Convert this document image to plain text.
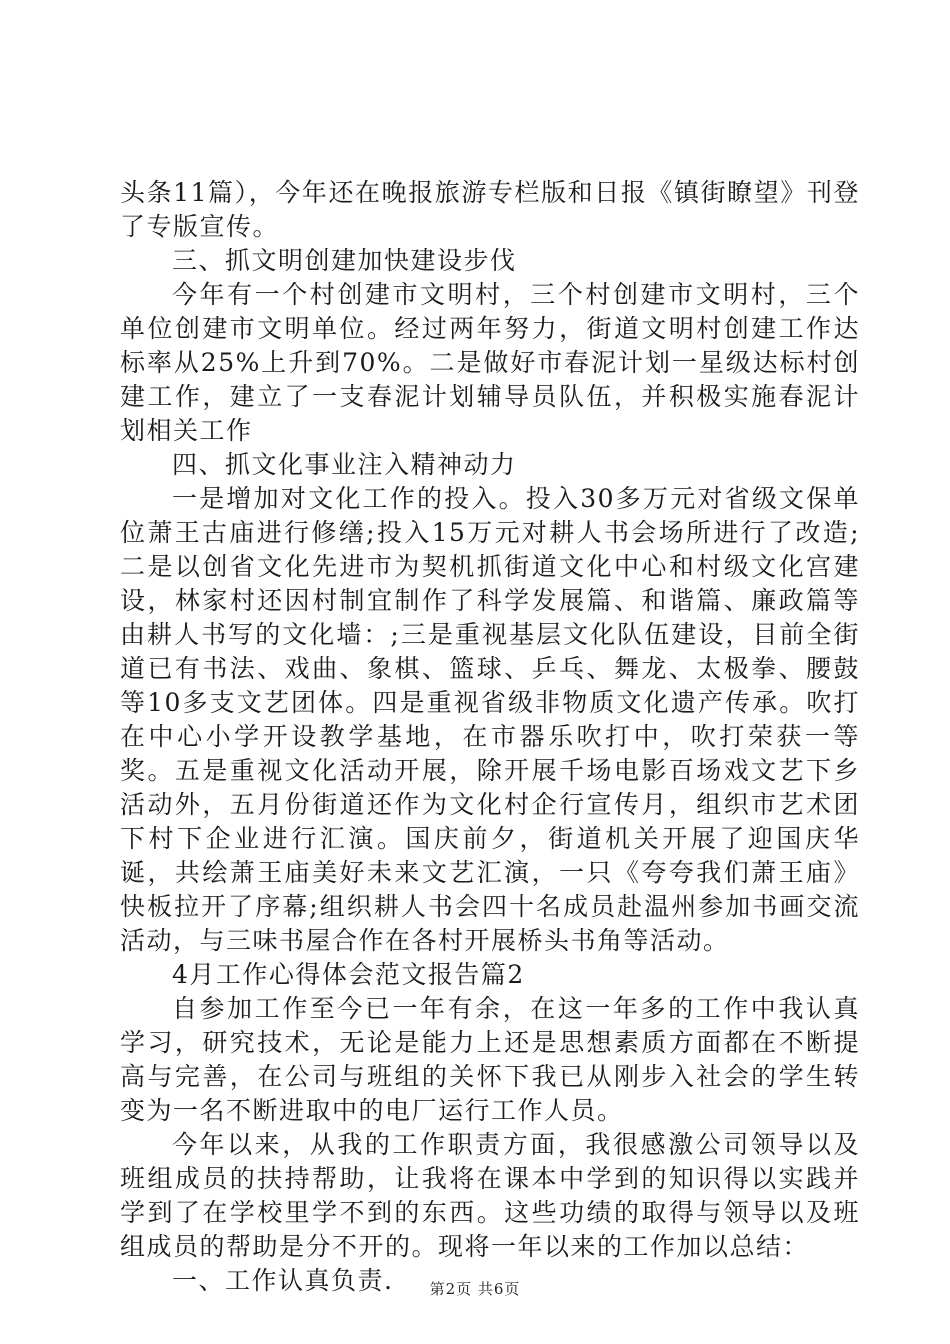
头条11篇），今年还在晚报旅游专栏版和日报《镇街瞭望》刊登了专版宣传。

三、抓文明创建加快建设步伐

今年有一个村创建市文明村，三个村创建市文明村，三个单位创建市文明单位。经过两年努力，街道文明村创建工作达标率从25%上升到70%。二是做好市春泥计划一星级达标村创建工作，建立了一支春泥计划辅导员队伍，并积极实施春泥计划相关工作

四、抓文化事业注入精神动力

一是增加对文化工作的投入。投入30多万元对省级文保单位萧王古庙进行修缮;投入15万元对耕人书会场所进行了改造;二是以创省文化先进市为契机抓街道文化中心和村级文化宫建设，林家村还因村制宜制作了科学发展篇、和谐篇、廉政篇等由耕人书写的文化墙：;三是重视基层文化队伍建设，目前全街道已有书法、戏曲、象棋、篮球、乒乓、舞龙、太极拳、腰鼓等10多支文艺团体。四是重视省级非物质文化遗产传承。吹打在中心小学开设教学基地，在市器乐吹打中，吹打荣获一等奖。五是重视文化活动开展，除开展千场电影百场戏文艺下乡活动外，五月份街道还作为文化村企行宣传月，组织市艺术团下村下企业进行汇演。国庆前夕，街道机关开展了迎国庆华诞，共绘萧王庙美好未来文艺汇演，一只《夸夸我们萧王庙》快板拉开了序幕;组织耕人书会四十名成员赴温州参加书画交流活动，与三味书屋合作在各村开展桥头书角等活动。

4月工作心得体会范文报告篇2

自参加工作至今已一年有余，在这一年多的工作中我认真学习，研究技术，无论是能力上还是思想素质方面都在不断提高与完善，在公司与班组的关怀下我已从刚步入社会的学生转变为一名不断进取中的电厂运行工作人员。

今年以来，从我的工作职责方面，我很感激公司领导以及班组成员的扶持帮助，让我将在课本中学到的知识得以实践并学到了在学校里学不到的东西。这些功绩的取得与领导以及班组成员的帮助是分不开的。现将一年以来的工作加以总结：

一、工作认真负责.	第2页 共6页
